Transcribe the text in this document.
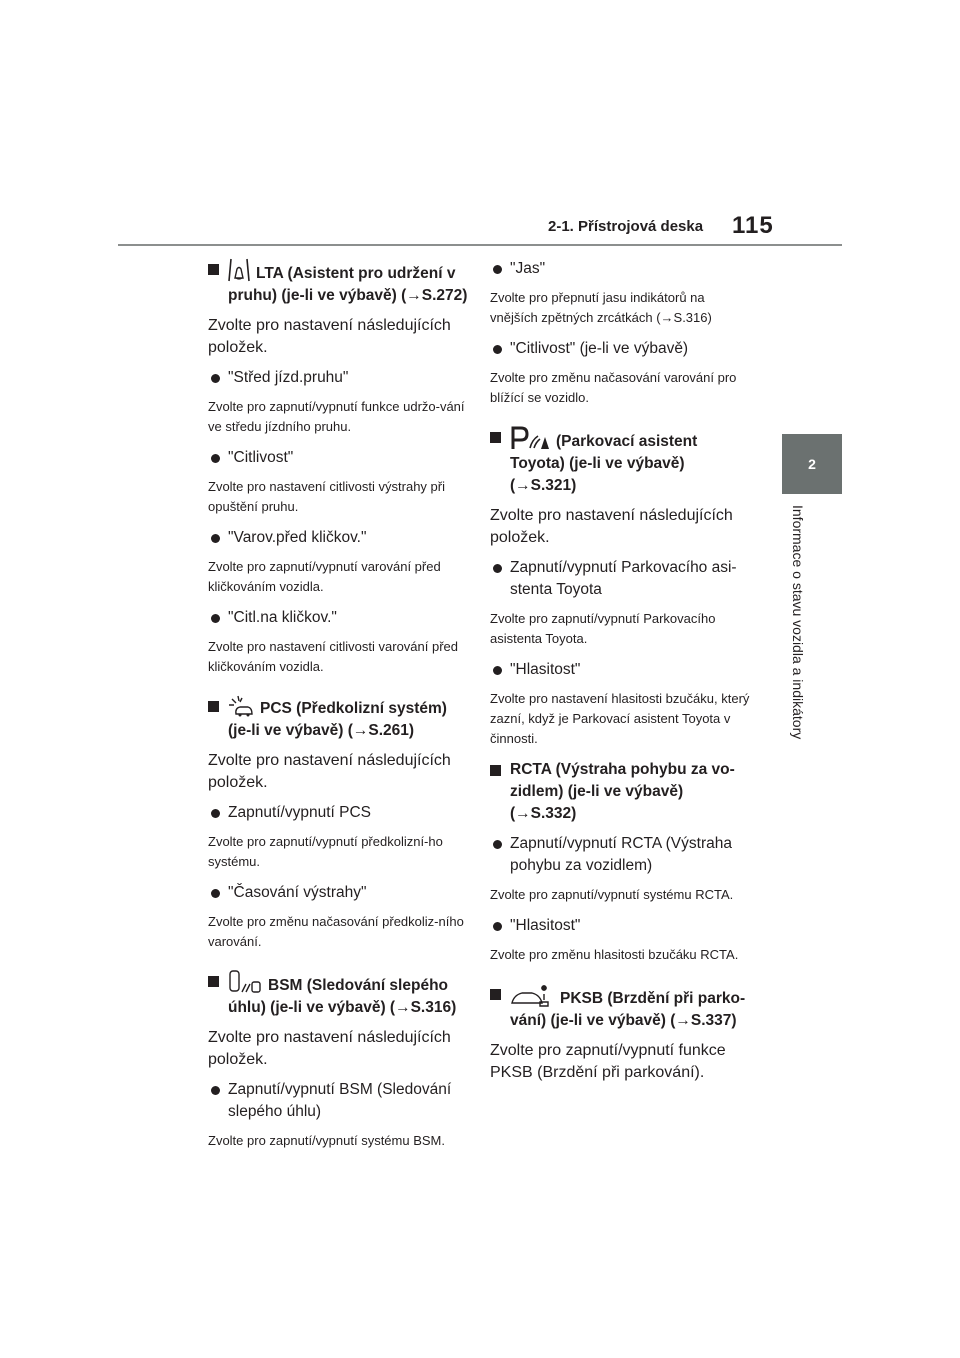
2-1. Přístrojová deska 115
2
Informace o stavu vozidla a indikátory
LTA (Asistent pro udržení v pruhu) (je-li ve výbavě) (→S.272)
Zvolte pro nastavení následujících položek.
"Střed jízd.pruhu"
Zvolte pro zapnutí/vypnutí funkce udržo-vání ve středu jízdního pruhu.
"Citlivost"
Zvolte pro nastavení citlivosti výstrahy při opuštění pruhu.
"Varov.před kličkov."
Zvolte pro zapnutí/vypnutí varování před kličkováním vozidla.
"Citl.na kličkov."
Zvolte pro nastavení citlivosti varování před kličkováním vozidla.
PCS (Předkolizní systém) (je-li ve výbavě) (→S.261)
Zvolte pro nastavení následujících položek.
Zapnutí/vypnutí PCS
Zvolte pro zapnutí/vypnutí předkolizní-ho systému.
"Časování výstrahy"
Zvolte pro změnu načasování předkoliz-ního varování.
BSM (Sledování slepého úhlu) (je-li ve výbavě) (→S.316)
Zvolte pro nastavení následujících položek.
Zapnutí/vypnutí BSM (Sledování slepého úhlu)
Zvolte pro zapnutí/vypnutí systému BSM.
"Jas"
Zvolte pro přepnutí jasu indikátorů na vnějších zpětných zrcátkách (→S.316)
"Citlivost" (je-li ve výbavě)
Zvolte pro změnu načasování varování pro blížící se vozidlo.
(Parkovací asistent Toyota) (je-li ve výbavě) (→S.321)
Zvolte pro nastavení následujících položek.
Zapnutí/vypnutí Parkovacího asi-stenta Toyota
Zvolte pro zapnutí/vypnutí Parkovacího asistenta Toyota.
"Hlasitost"
Zvolte pro nastavení hlasitosti bzučáku, který zazní, když je Parkovací asistent Toyota v činnosti.
RCTA (Výstraha pohybu za vo-zidlem) (je-li ve výbavě) (→S.332)
Zapnutí/vypnutí RCTA (Výstraha pohybu za vozidlem)
Zvolte pro zapnutí/vypnutí systému RCTA.
"Hlasitost"
Zvolte pro změnu hlasitosti bzučáku RCTA.
PKSB (Brzdění při parko-vání) (je-li ve výbavě) (→S.337)
Zvolte pro zapnutí/vypnutí funkce PKSB (Brzdění při parkování).
